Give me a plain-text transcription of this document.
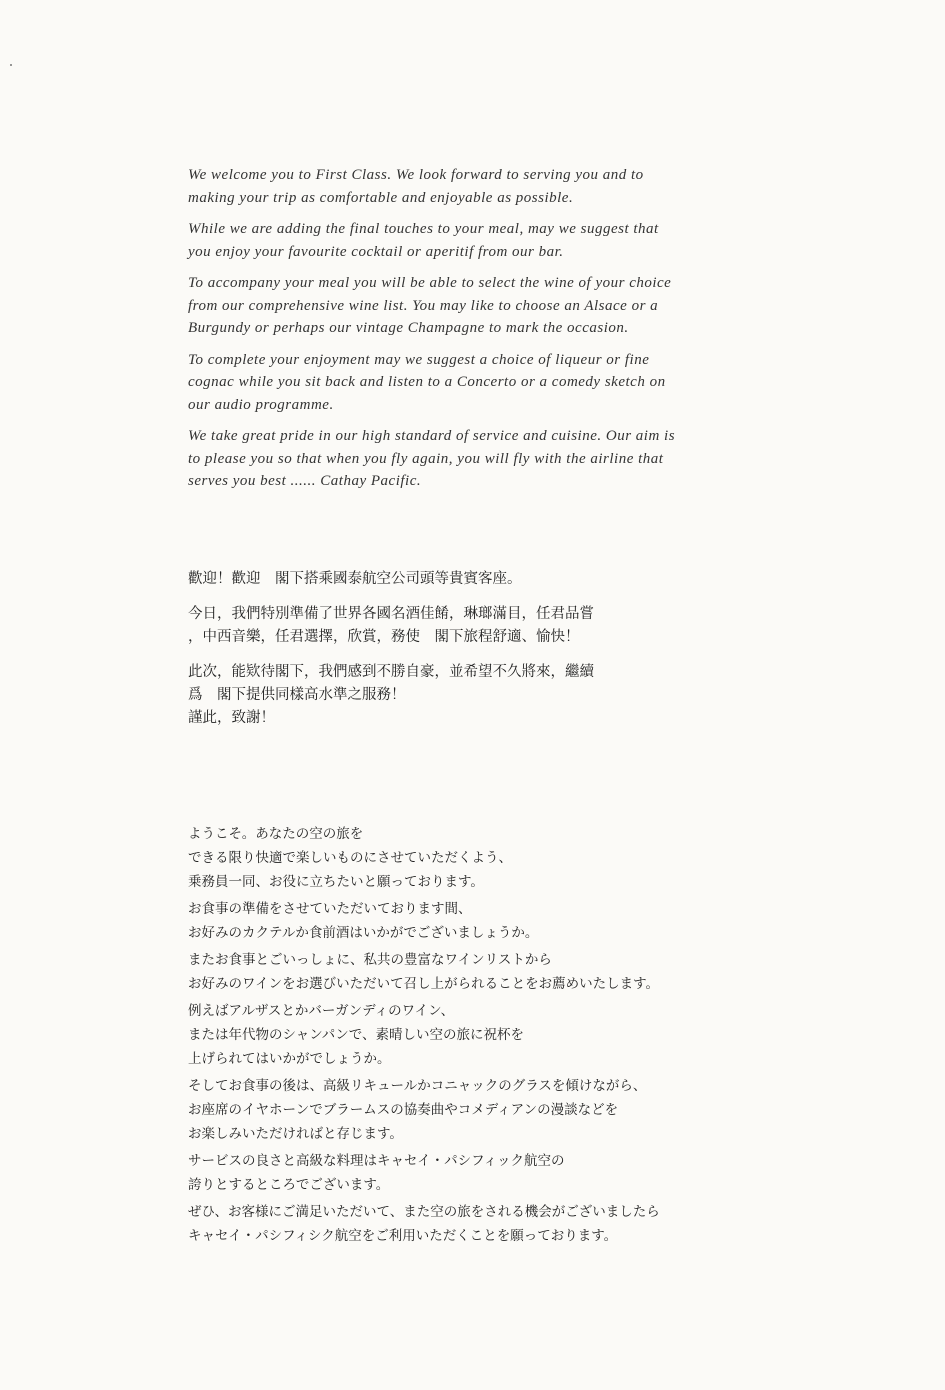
We welcome you to First Class. We look forward to serving you and to
making your trip as comfortable and enjoyable as possible.

While we are adding the final touches to your meal, may we suggest that
you enjoy your favourite cocktail or aperitif from our bar.

To accompany your meal you will be able to select the wine of your choice
from our comprehensive wine list. You may like to choose an Alsace or a
Burgundy or perhaps our vintage Champagne to mark the occasion.

To complete your enjoyment may we suggest a choice of liqueur or fine
cognac while you sit back and listen to a Concerto or a comedy sketch on
our audio programme.

We take great pride in our high standard of service and cuisine. Our aim is
to please you so that when you fly again, you will fly with the airline that
serves you best ...... Cathay Pacific.

歡迎！歡迎　閣下搭乘國泰航空公司頭等貴賓客座。

今日，我們特別準備了世界各國名酒佳餚，琳瑯滿目，任君品嘗
，中西音樂，任君選擇，欣賞，務使　閣下旅程舒適、愉快！

此次，能欵待閣下，我們感到不勝自豪，並希望不久將來，繼續
爲　閣下提供同樣高水準之服務！
謹此，致謝！

ようこそ。あなたの空の旅を
できる限り快適で楽しいものにさせていただくよう、
乗務員一同、お役に立ちたいと願っております。

お食事の準備をさせていただいております間、
お好みのカクテルか食前酒はいかがでございましょうか。

またお食事とごいっしょに、私共の豊富なワインリストから
お好みのワインをお選びいただいて召し上がられることをお薦めいたします。

例えばアルザスとかバーガンディのワイン、
または年代物のシャンパンで、素晴しい空の旅に祝杯を
上げられてはいかがでしょうか。

そしてお食事の後は、高級リキュールかコニャックのグラスを傾けながら、
お座席のイヤホーンでブラームスの協奏曲やコメディアンの漫談などを
お楽しみいただければと存じます。

サービスの良さと高級な料理はキャセイ・パシフィック航空の
誇りとするところでございます。

ぜひ、お客様にご満足いただいて、また空の旅をされる機会がございましたら
キャセイ・パシフィシク航空をご利用いただくことを願っております。
